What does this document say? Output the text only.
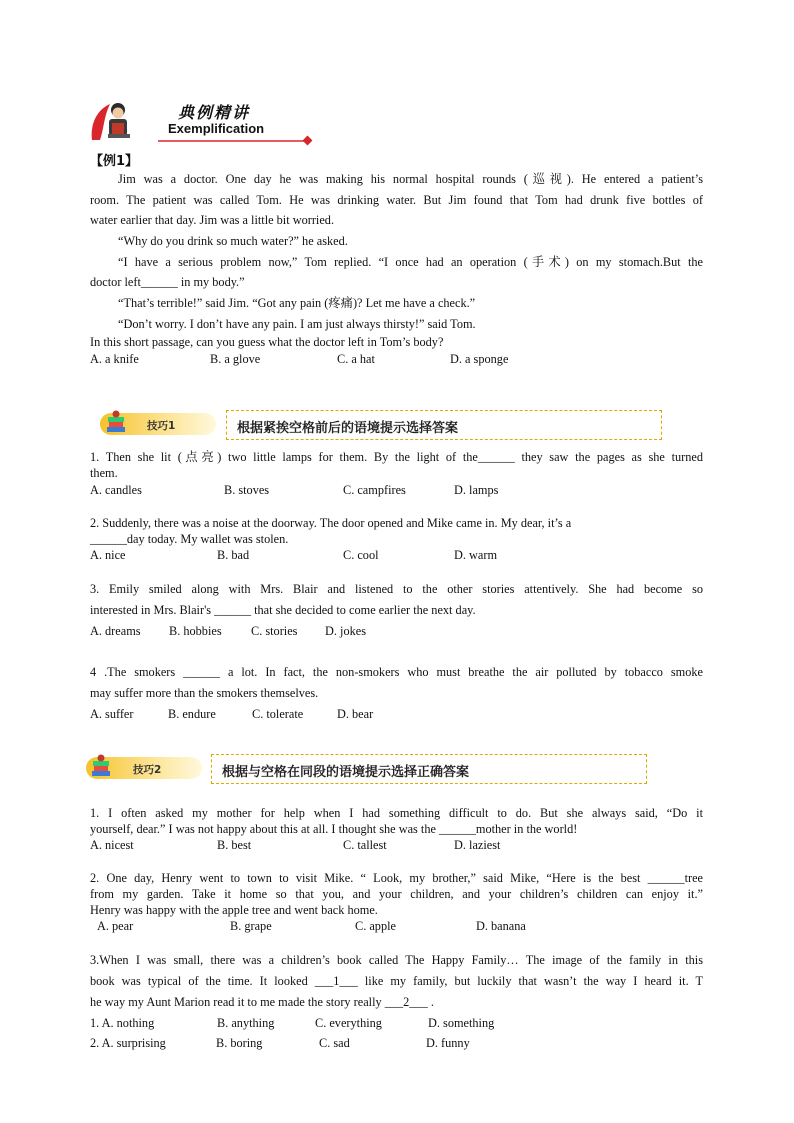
典例精讲
Exemplification
【例1】
Jim was a doctor. One day he was making his normal hospital rounds (巡视). He entered a patient’s
room. The patient was called Tom. He was drinking water. But Jim found that Tom had drunk five bottles of
water earlier that day. Jim was a little bit worried.
“Why do you drink so much water?” he asked.
“I have a serious problem now,” Tom replied. “I once had an operation (手术) on my stomach.But the
doctor left______ in my body.”
“That’s terrible!” said Jim. “Got any pain (疼痛)? Let me have a check.”
“Don’t worry. I don’t have any pain. I am just always thirsty!” said Tom.
In this short passage, can you guess what the doctor left in Tom’s body?
A. a knife	B. a glove	C. a hat	D. a sponge
技巧1	根据紧挨空格前后的语境提示选择答案
1. Then she lit (点亮) two little lamps for them. By the light of the______ they saw the pages as she turned
them.
A. candles	B. stoves	C. campfires	D. lamps
2. Suddenly, there was a noise at the doorway. The door opened and Mike came in. My dear, it’s a
______day today. My wallet was stolen.
A. nice	B. bad	C. cool	D. warm
3. Emily smiled along with Mrs. Blair and listened to the other stories attentively. She had become so
interested in Mrs. Blair's ______ that she decided to come earlier the next day.
A. dreams B. hobbies C. stories D. jokes
4 .The smokers ______ a lot. In fact, the non-smokers who must breathe the air polluted by tobacco smoke
may suffer more than the smokers themselves.
A. suffer	B. endure	C. tolerate	D. bear
技巧2	根据与空格在同段的语境提示选择正确答案
1. I often asked my mother for help when I had something difficult to do. But she always said, “Do it
yourself, dear.” I was not happy about this at all. I thought she was the ______mother in the world!
A. nicest	B. best	C. tallest	D. laziest
2. One day, Henry went to town to visit Mike. “ Look, my brother,” said Mike, “Here is the best ______tree
from my garden. Take it home so that you, and your children, and your children’s children can enjoy it.”
Henry was happy with the apple tree and went back home.
A. pear	B. grape	C. apple	D. banana
3.When I was small, there was a children’s book called The Happy Family… The image of the family in this
book was typical of the time. It looked ___1___ like my family, but luckily that wasn’t the way I heard it. T
he way my Aunt Marion read it to me made the story really ___2___ .
1. A. nothing	B. anything	C. everything	D. something
2. A. surprising	B. boring	C. sad	D. funny
